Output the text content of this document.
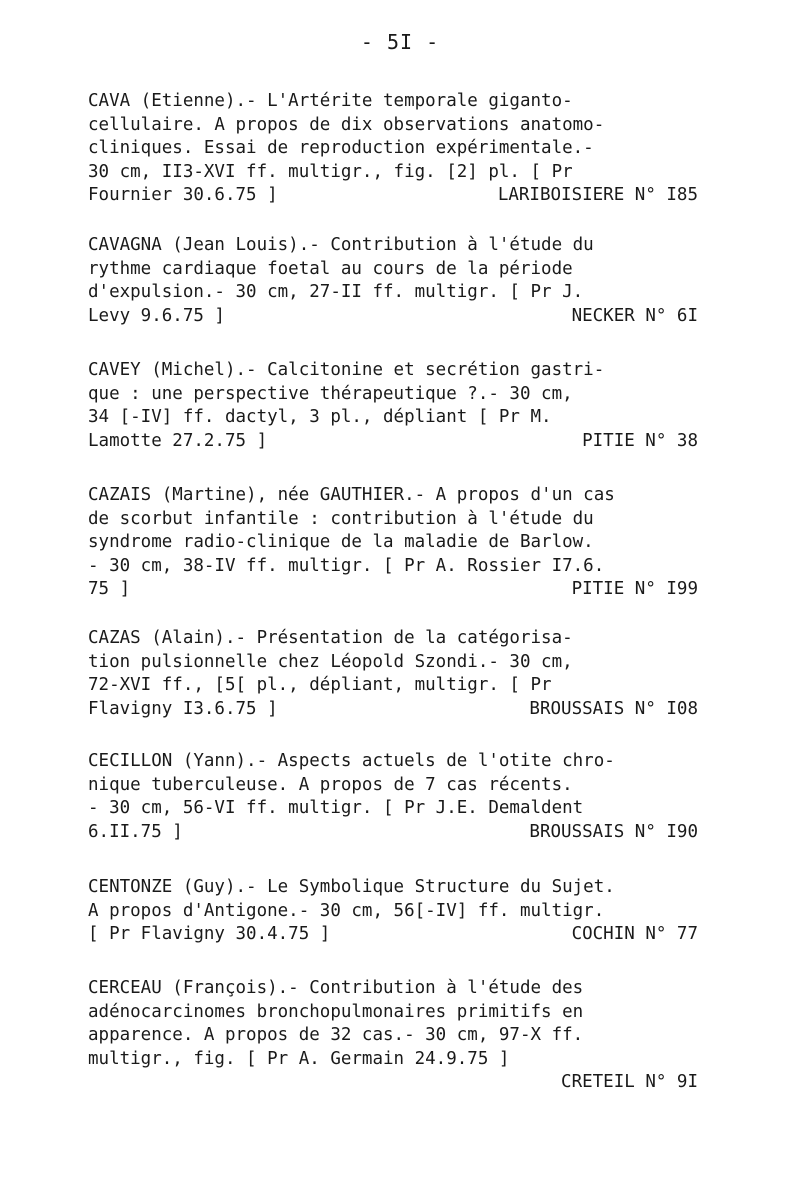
- 5I -
CAVA (Etienne).- L'Artérite temporale giganto-
cellulaire. A propos de dix observations anatomo-
cliniques. Essai de reproduction expérimentale.-
30 cm, II3-XVI ff. multigr., fig. [2] pl. [ Pr
Fournier 30.6.75 ]	LARIBOISIERE N° I85
CAVAGNA (Jean Louis).- Contribution à l'étude du
rythme cardiaque foetal au cours de la période
d'expulsion.- 30 cm, 27-II ff. multigr. [ Pr J.
Levy 9.6.75 ]	NECKER N° 6I
CAVEY (Michel).- Calcitonine et secrétion gastri-
que : une perspective thérapeutique ?.- 30 cm,
34 [-IV] ff. dactyl, 3 pl., dépliant [ Pr M.
Lamotte 27.2.75 ]	PITIE N° 38
CAZAIS (Martine), née GAUTHIER.- A propos d'un cas
de scorbut infantile : contribution à l'étude du
syndrome radio-clinique de la maladie de Barlow.
- 30 cm, 38-IV ff. multigr. [ Pr A. Rossier I7.6.
75 ]	PITIE N° I99
CAZAS (Alain).- Présentation de la catégorisa-
tion pulsionnelle chez Léopold Szondi.- 30 cm,
72-XVI ff., [5[ pl., dépliant, multigr. [ Pr
Flavigny I3.6.75 ]	BROUSSAIS N° I08
CECILLON (Yann).- Aspects actuels de l'otite chro-
nique tuberculeuse. A propos de 7 cas récents.
- 30 cm, 56-VI ff. multigr. [ Pr J.E. Demaldent
6.II.75 ]	BROUSSAIS N° I90
CENTONZE (Guy).- Le Symbolique Structure du Sujet.
A propos d'Antigone.- 30 cm, 56[-IV] ff. multigr.
[ Pr Flavigny 30.4.75 ]	COCHIN N° 77
CERCEAU (François).- Contribution à l'étude des
adénocarcinomes bronchopulmonaires primitifs en
apparence. A propos de 32 cas.- 30 cm, 97-X ff.
multigr., fig. [ Pr A. Germain 24.9.75 ]
CRETEIL N° 9I
